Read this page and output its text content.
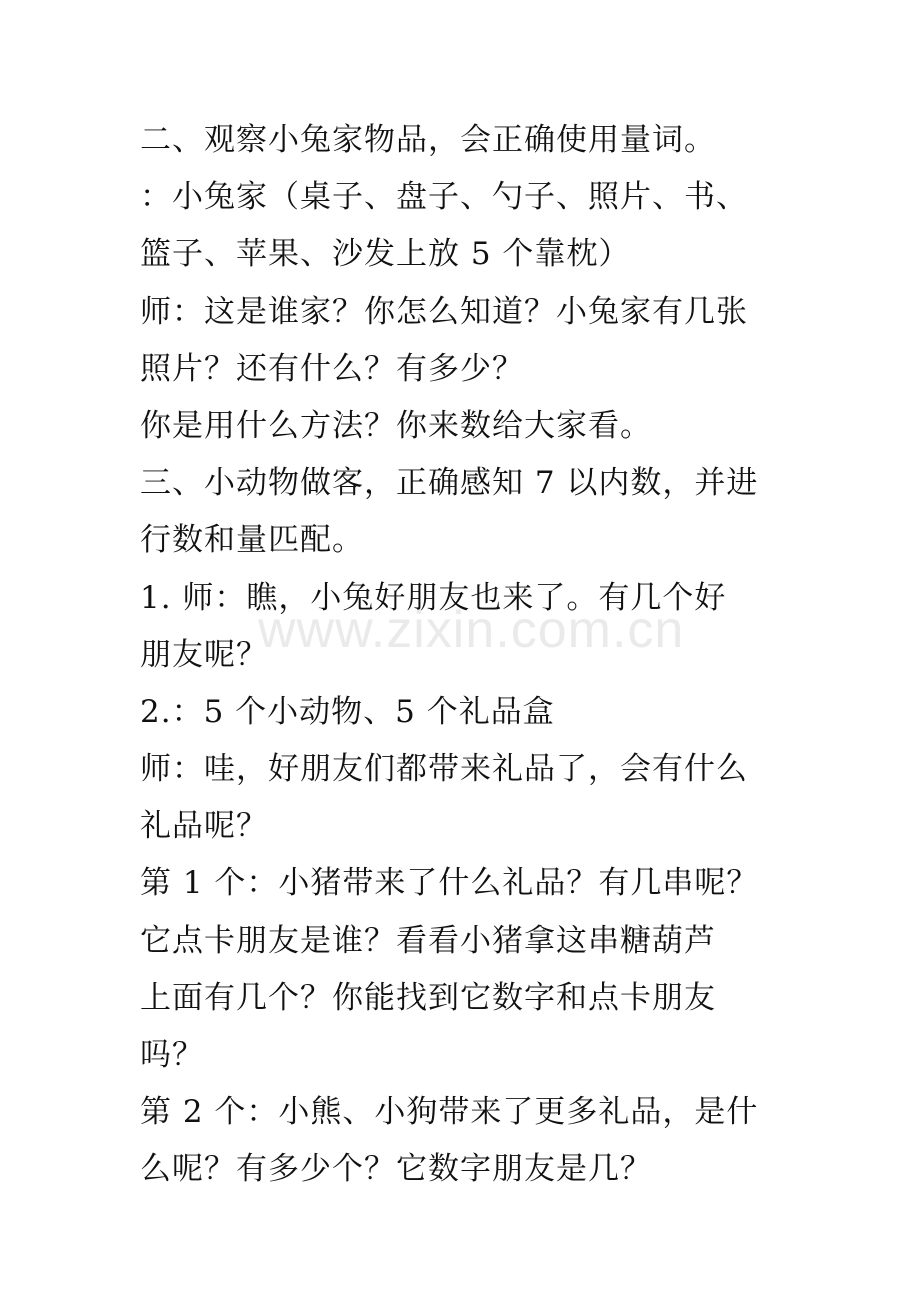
二、观察小兔家物品，会正确使用量词。
：小兔家（桌子、盘子、勺子、照片、书、
篮子、苹果、沙发上放 5 个靠枕）
师：这是谁家？你怎么知道？小兔家有几张
照片？还有什么？有多少？
你是用什么方法？你来数给大家看。
三、小动物做客，正确感知 7 以内数，并进
行数和量匹配。
1. 师：瞧，小兔好朋友也来了。有几个好
朋友呢？
2.：5 个小动物、5 个礼品盒
师：哇，好朋友们都带来礼品了，会有什么
礼品呢？
第 1 个：小猪带来了什么礼品？有几串呢？
它点卡朋友是谁？看看小猪拿这串糖葫芦
上面有几个？你能找到它数字和点卡朋友
吗？
第 2 个：小熊、小狗带来了更多礼品，是什
么呢？有多少个？它数字朋友是几？
www.zixin.com.cn
